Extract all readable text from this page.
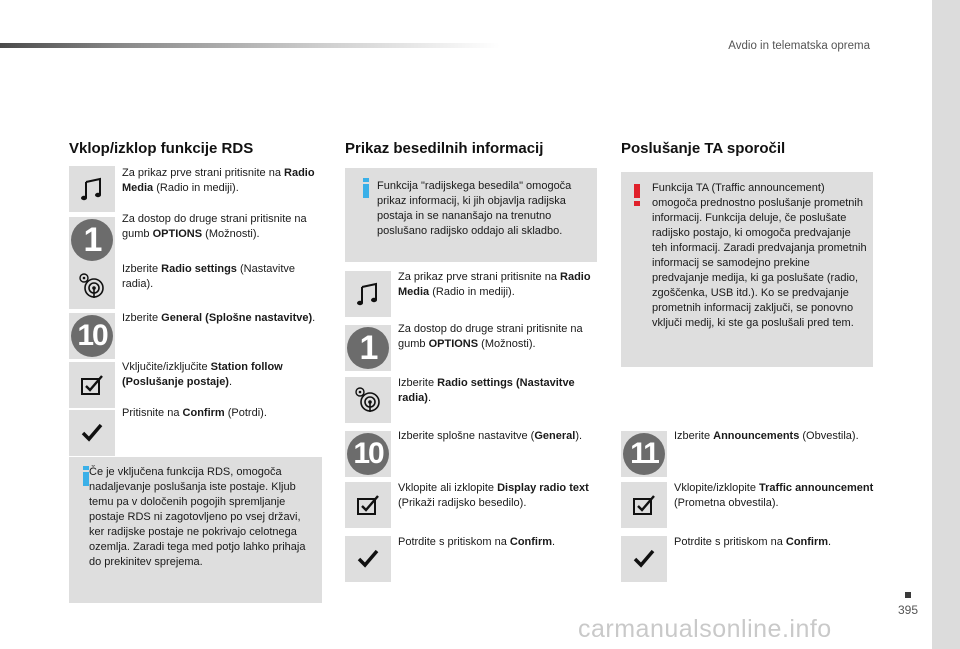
Avdio in telematska oprema
395
carmanualsonline.info
Vklop/izklop funkcije RDS
Za prikaz prve strani pritisnite na Radio Media (Radio in mediji).
1
Za dostop do druge strani pritisnite na gumb OPTIONS (Možnosti).
Izberite Radio settings (Nastavitve radia).
10
Izberite General (Splošne nastavitve).
Vključite/izključite Station follow (Poslušanje postaje).
Pritisnite na Confirm (Potrdi).
Če je vključena funkcija RDS, omogoča nadaljevanje poslušanja iste postaje. Kljub temu pa v določenih pogojih spremljanje postaje RDS ni zagotovljeno po vsej državi, ker radijske postaje ne pokrivajo celotnega ozemlja. Zaradi tega med potjo lahko prihaja do prekinitev sprejema.
Prikaz besedilnih informacij
Funkcija "radijskega besedila" omogoča prikaz informacij, ki jih objavlja radijska postaja in se nananšajo na trenutno poslušano radijsko oddajo ali skladbo.
Za prikaz prve strani pritisnite na Radio Media (Radio in mediji).
1 Za dostop do druge strani pritisnite na gumb OPTIONS (Možnosti).
Izberite Radio settings (Nastavitve radia).
10
Izberite splošne nastavitve (General).
Vklopite ali izklopite Display radio text (Prikaži radijsko besedilo).
Potrdite s pritiskom na Confirm.
Poslušanje TA sporočil
Funkcija TA (Traffic announcement) omogoča prednostno poslušanje prometnih informacij. Funkcija deluje, če poslušate radijsko postajo, ki omogoča predvajanje teh informacij. Zaradi predvajanja prometnih informacij se samodejno prekine predvajanje medija, ki ga poslušate (radio, zgoščenka, USB itd.). Ko se predvajanje prometnih informacij zaključi, se ponovno vključi medij, ki ste ga poslušali pred tem.
11
Izberite Announcements (Obvestila).
Vklopite/izklopite Traffic announcement (Prometna obvestila).
Potrdite s pritiskom na Confirm.
